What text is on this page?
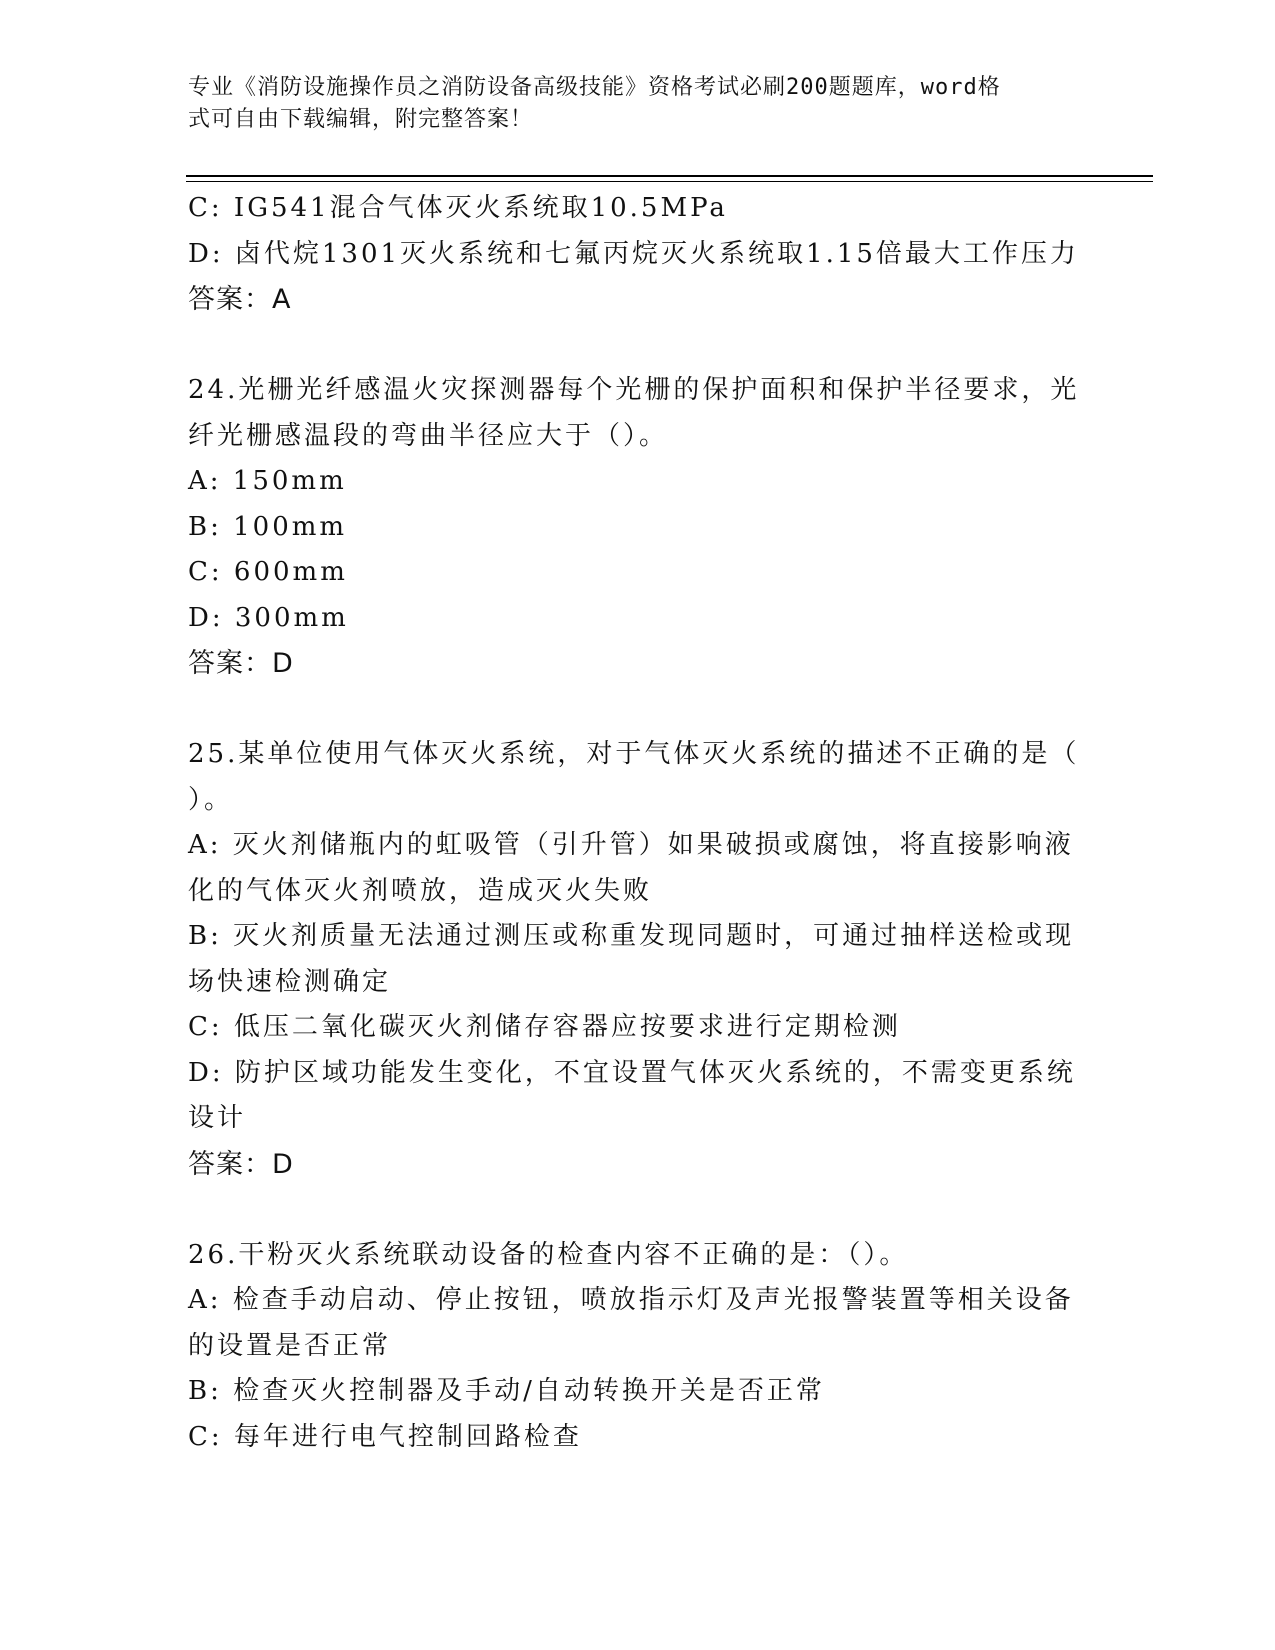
专业《消防设施操作员之消防设备高级技能》资格考试必刷200题题库，word格
式可自由下载编辑，附完整答案！
C: IG541混合气体灭火系统取10.5MPa
D: 卤代烷1301灭火系统和七氟丙烷灭火系统取1.15倍最大工作压力
答案：A
24.光栅光纤感温火灾探测器每个光栅的保护面积和保护半径要求，光
纤光栅感温段的弯曲半径应大于（）。
A: 150mm
B: 100mm
C: 600mm
D: 300mm
答案：D
25.某单位使用气体灭火系统，对于气体灭火系统的描述不正确的是（
）。
A: 灭火剂储瓶内的虹吸管（引升管）如果破损或腐蚀，将直接影响液
化的气体灭火剂喷放，造成灭火失败
B: 灭火剂质量无法通过测压或称重发现同题时，可通过抽样送检或现
场快速检测确定
C: 低压二氧化碳灭火剂储存容器应按要求进行定期检测
D: 防护区域功能发生变化，不宜设置气体灭火系统的，不需变更系统
设计
答案：D
26.干粉灭火系统联动设备的检查内容不正确的是：（）。
A: 检查手动启动、停止按钮，喷放指示灯及声光报警装置等相关设备
的设置是否正常
B: 检查灭火控制器及手动/自动转换开关是否正常
C: 每年进行电气控制回路检查
